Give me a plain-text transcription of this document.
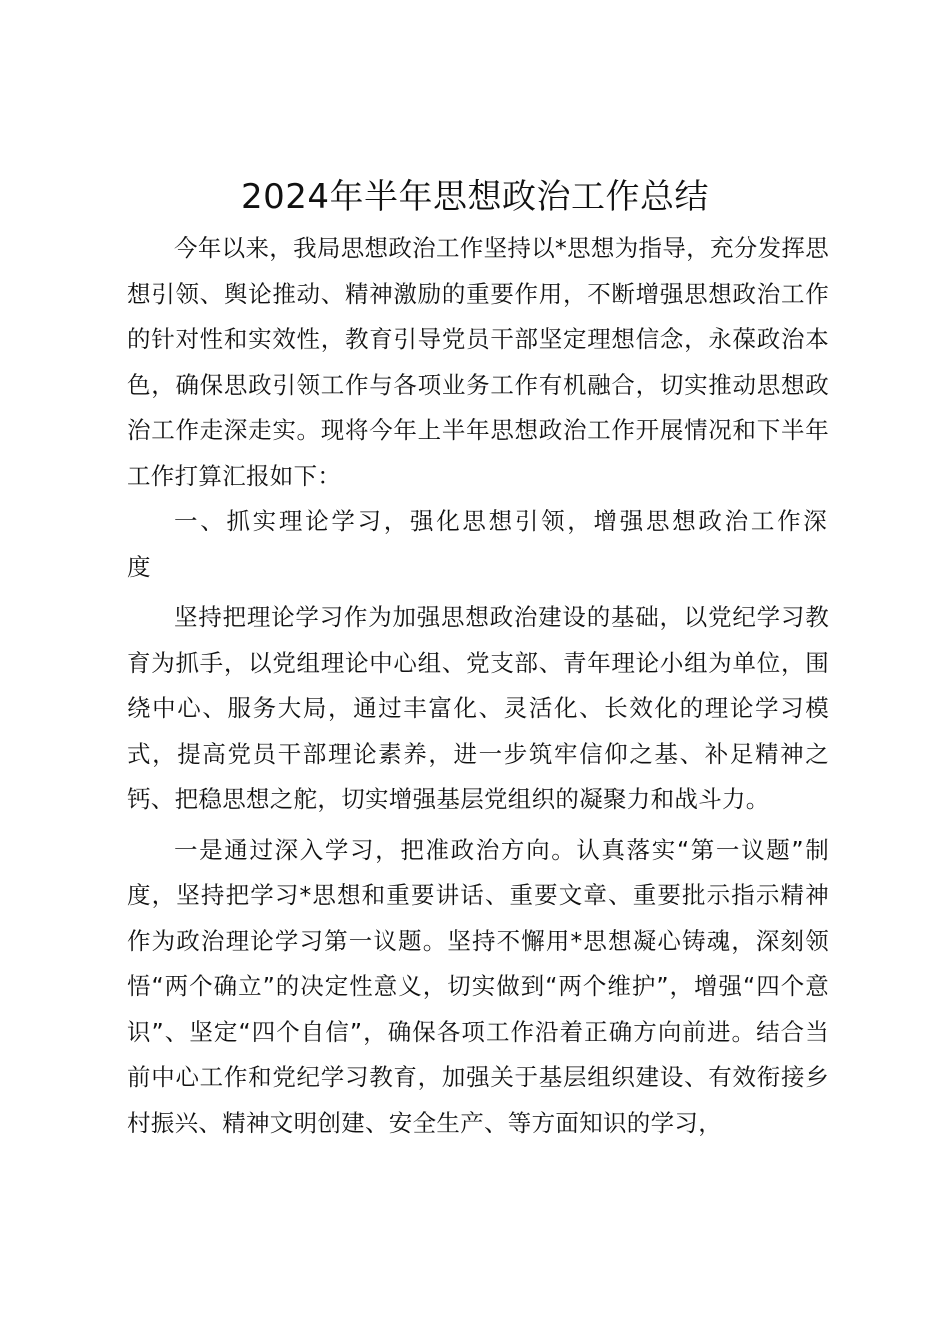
2024年半年思想政治工作总结

今年以来，我局思想政治工作坚持以*思想为指导，充分发挥思想引领、舆论推动、精神激励的重要作用，不断增强思想政治工作的针对性和实效性，教育引导党员干部坚定理想信念，永葆政治本色，确保思政引领工作与各项业务工作有机融合，切实推动思想政治工作走深走实。现将今年上半年思想政治工作开展情况和下半年工作打算汇报如下：

一、抓实理论学习，强化思想引领，增强思想政治工作深度

坚持把理论学习作为加强思想政治建设的基础，以党纪学习教育为抓手，以党组理论中心组、党支部、青年理论小组为单位，围绕中心、服务大局，通过丰富化、灵活化、长效化的理论学习模式，提高党员干部理论素养，进一步筑牢信仰之基、补足精神之钙、把稳思想之舵，切实增强基层党组织的凝聚力和战斗力。

一是通过深入学习，把准政治方向。认真落实“第一议题”制度，坚持把学习*思想和重要讲话、重要文章、重要批示指示精神作为政治理论学习第一议题。坚持不懈用*思想凝心铸魂，深刻领悟“两个确立”的决定性意义，切实做到“两个维护”，增强“四个意识”、坚定“四个自信”，确保各项工作沿着正确方向前进。结合当前中心工作和党纪学习教育，加强关于基层组织建设、有效衔接乡村振兴、精神文明创建、安全生产、等方面知识的学习，
